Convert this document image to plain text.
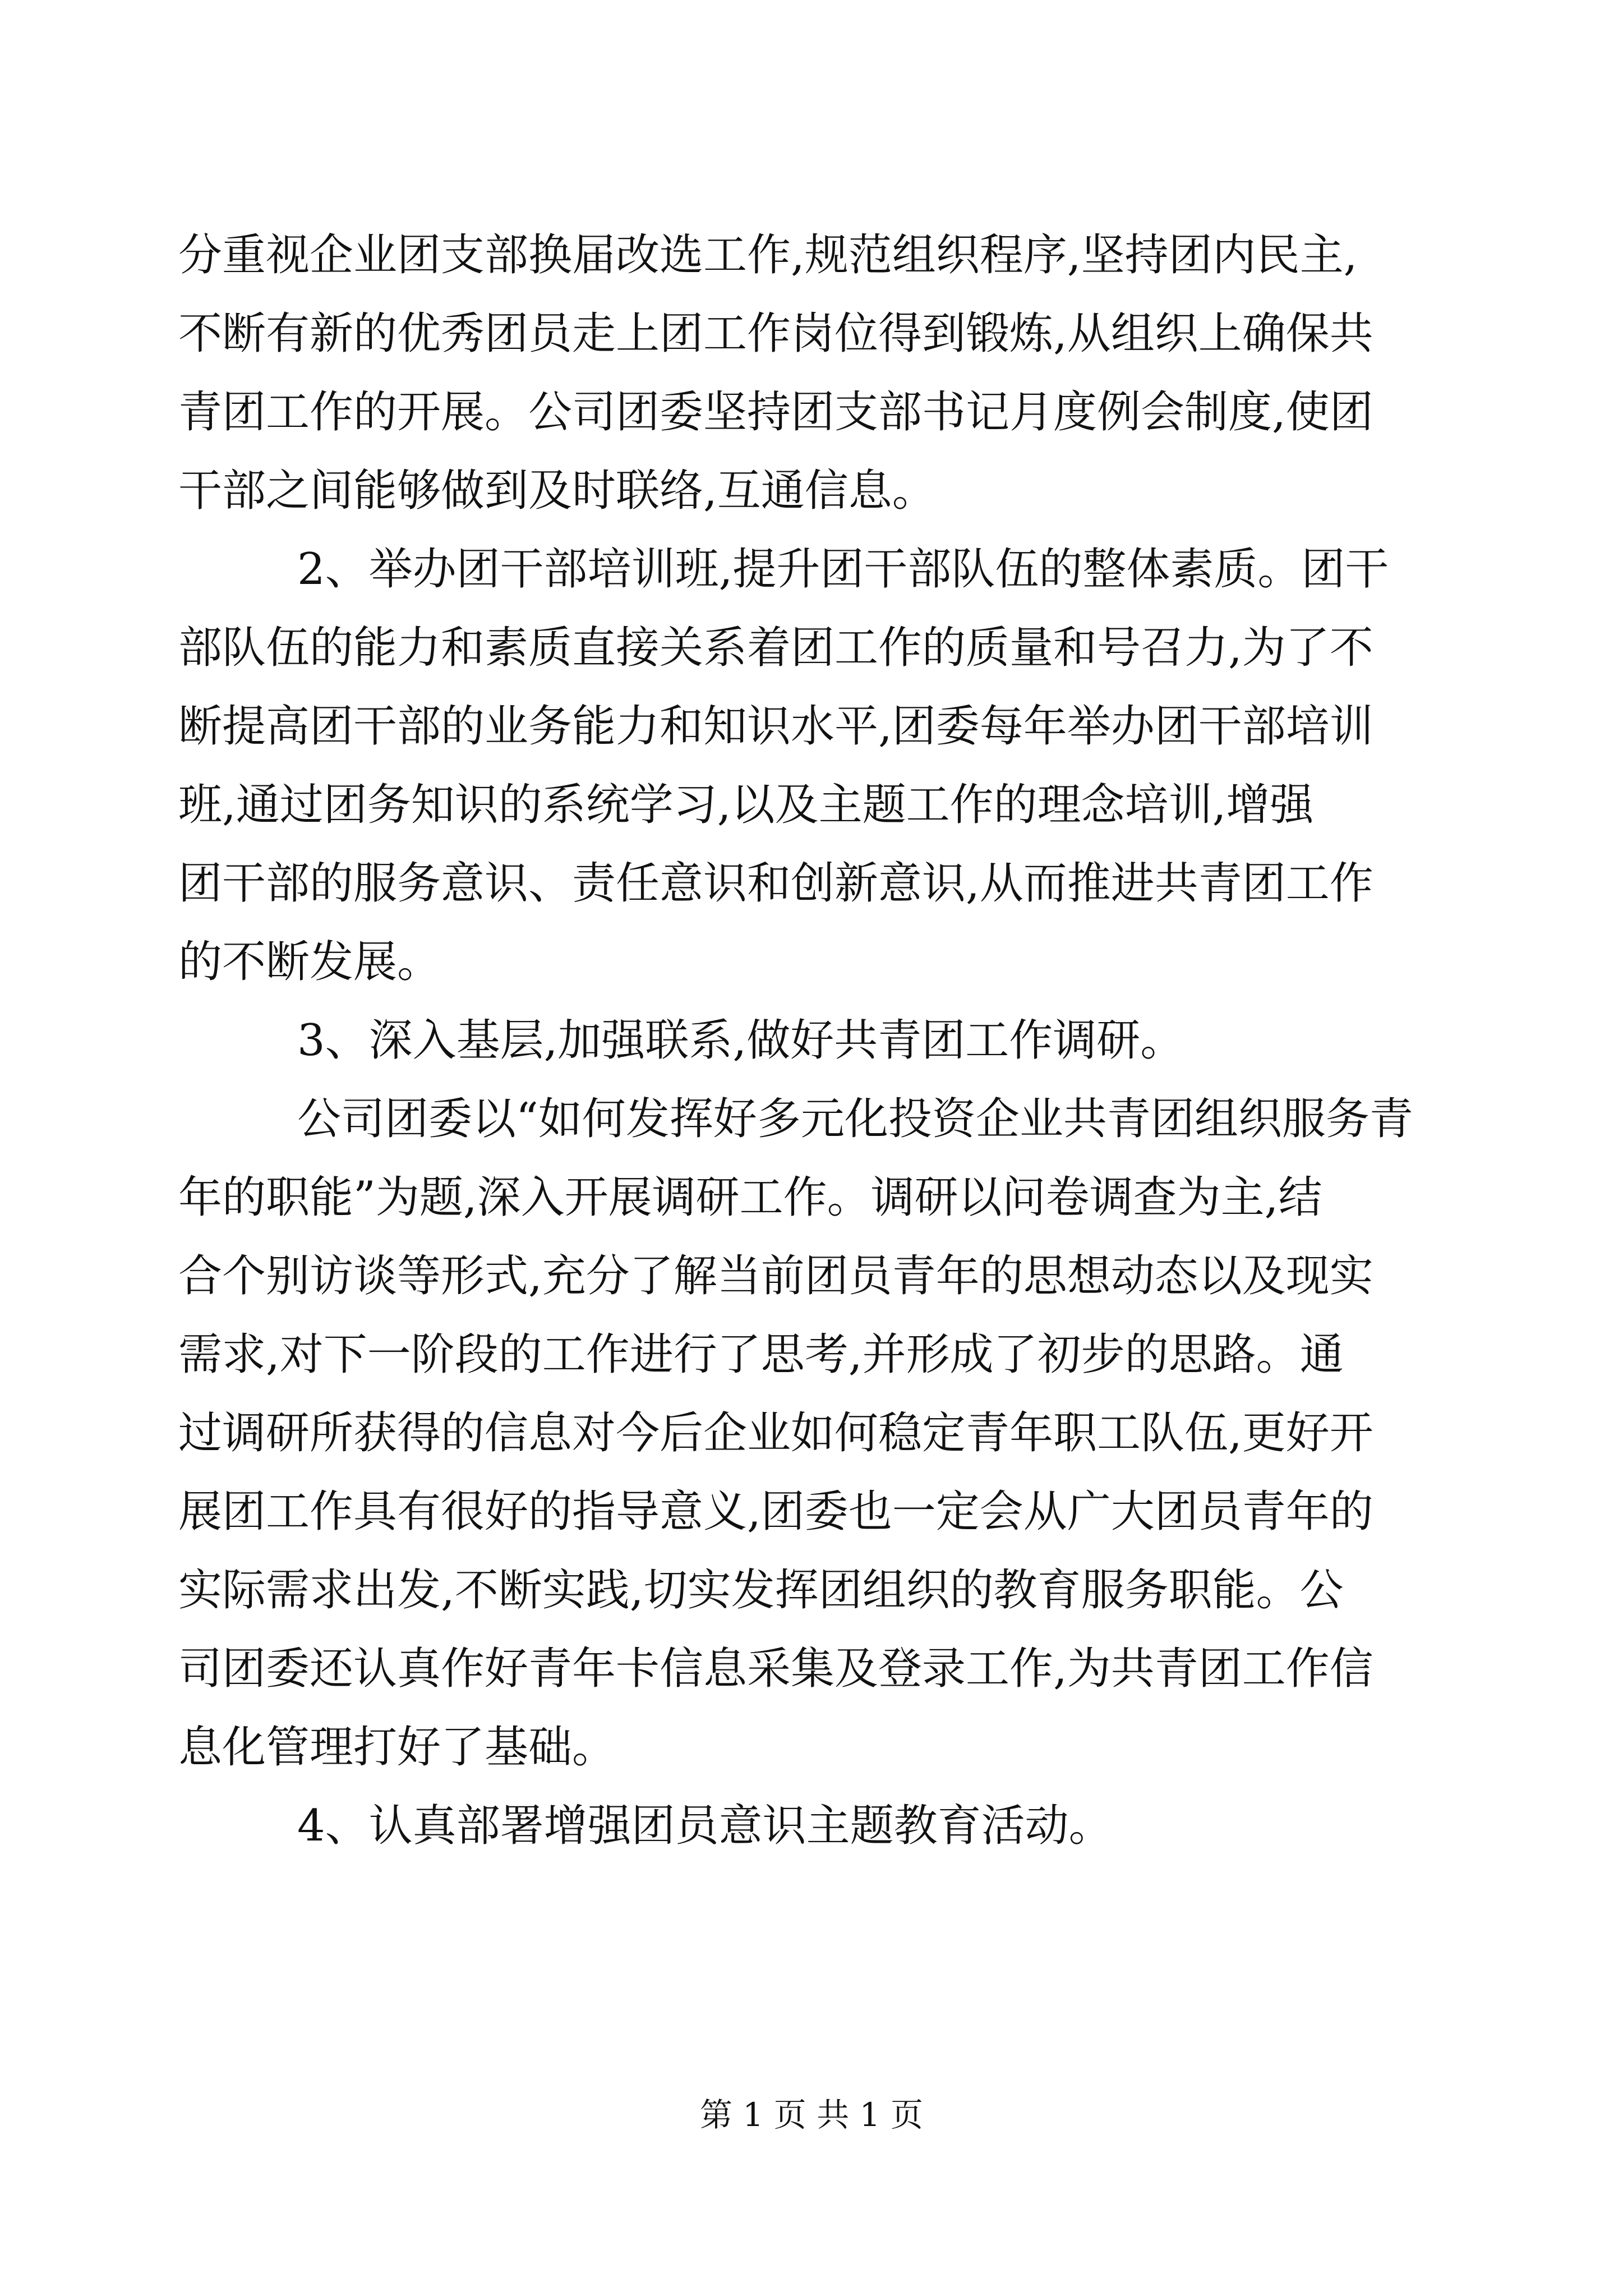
分重视企业团支部换届改选工作,规范组织程序,坚持团内民主,
不断有新的优秀团员走上团工作岗位得到锻炼,从组织上确保共
青团工作的开展。公司团委坚持团支部书记月度例会制度,使团
干部之间能够做到及时联络,互通信息。
2、举办团干部培训班,提升团干部队伍的整体素质。团干
部队伍的能力和素质直接关系着团工作的质量和号召力,为了不
断提高团干部的业务能力和知识水平,团委每年举办团干部培训
班,通过团务知识的系统学习,以及主题工作的理念培训,增强
团干部的服务意识、责任意识和创新意识,从而推进共青团工作
的不断发展。
3、深入基层,加强联系,做好共青团工作调研。
公司团委以“如何发挥好多元化投资企业共青团组织服务青
年的职能”为题,深入开展调研工作。调研以问卷调查为主,结
合个别访谈等形式,充分了解当前团员青年的思想动态以及现实
需求,对下一阶段的工作进行了思考,并形成了初步的思路。通
过调研所获得的信息对今后企业如何稳定青年职工队伍,更好开
展团工作具有很好的指导意义,团委也一定会从广大团员青年的
实际需求出发,不断实践,切实发挥团组织的教育服务职能。公
司团委还认真作好青年卡信息采集及登录工作,为共青团工作信
息化管理打好了基础。
4、认真部署增强团员意识主题教育活动。
第 1 页 共 1 页
